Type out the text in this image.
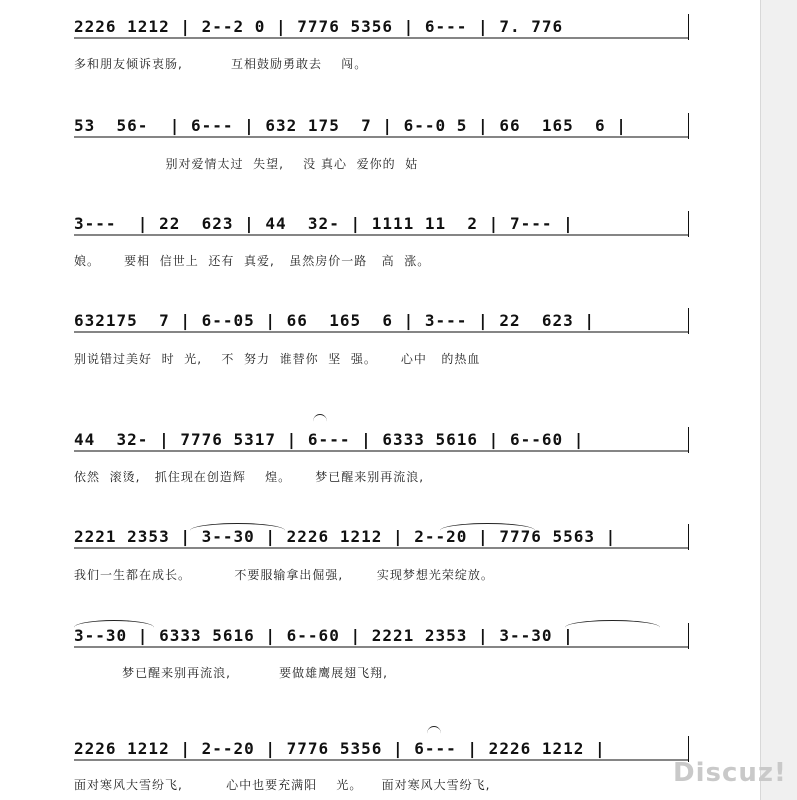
2226 1212 | 2--2 0 | 7776 5356 | 6--- | 7. 776
多和朋友倾诉衷肠,          互相鼓励勇敢去    闯。
53  56-  | 6--- | 632 175  7 | 6--0 5 | 66  165  6 |
别对爱情太过  失望,    没 真心  爱你的  姑
3---  | 22  623 | 44  32- | 1111 11  2 | 7--- |
娘。     要相  信世上  还有  真爱,   虽然房价一路   高  涨。
632175  7 | 6--05 | 66  165  6 | 3--- | 22  623 |
别说错过美好  时  光,    不  努力  谁替你  坚  强。     心中   的热血
44  32- | 7776 5317 | 6--- | 6333 5616 | 6--60 |
依然  滚烫,   抓住现在创造辉    煌。     梦已醒来别再流浪,
2221 2353 | 3--30 | 2226 1212 | 2--20 | 7776 5563 |
我们一生都在成长。         不要服输拿出倔强,       实现梦想光荣绽放。
3--30 | 6333 5616 | 6--60 | 2221 2353 | 3--30 |
梦已醒来别再流浪,          要做雄鹰展翅飞翔,
2226 1212 | 2--20 | 7776 5356 | 6--- | 2226 1212 |
面对寒风大雪纷飞,         心中也要充满阳    光。    面对寒风大雪纷飞,	Discuz!
